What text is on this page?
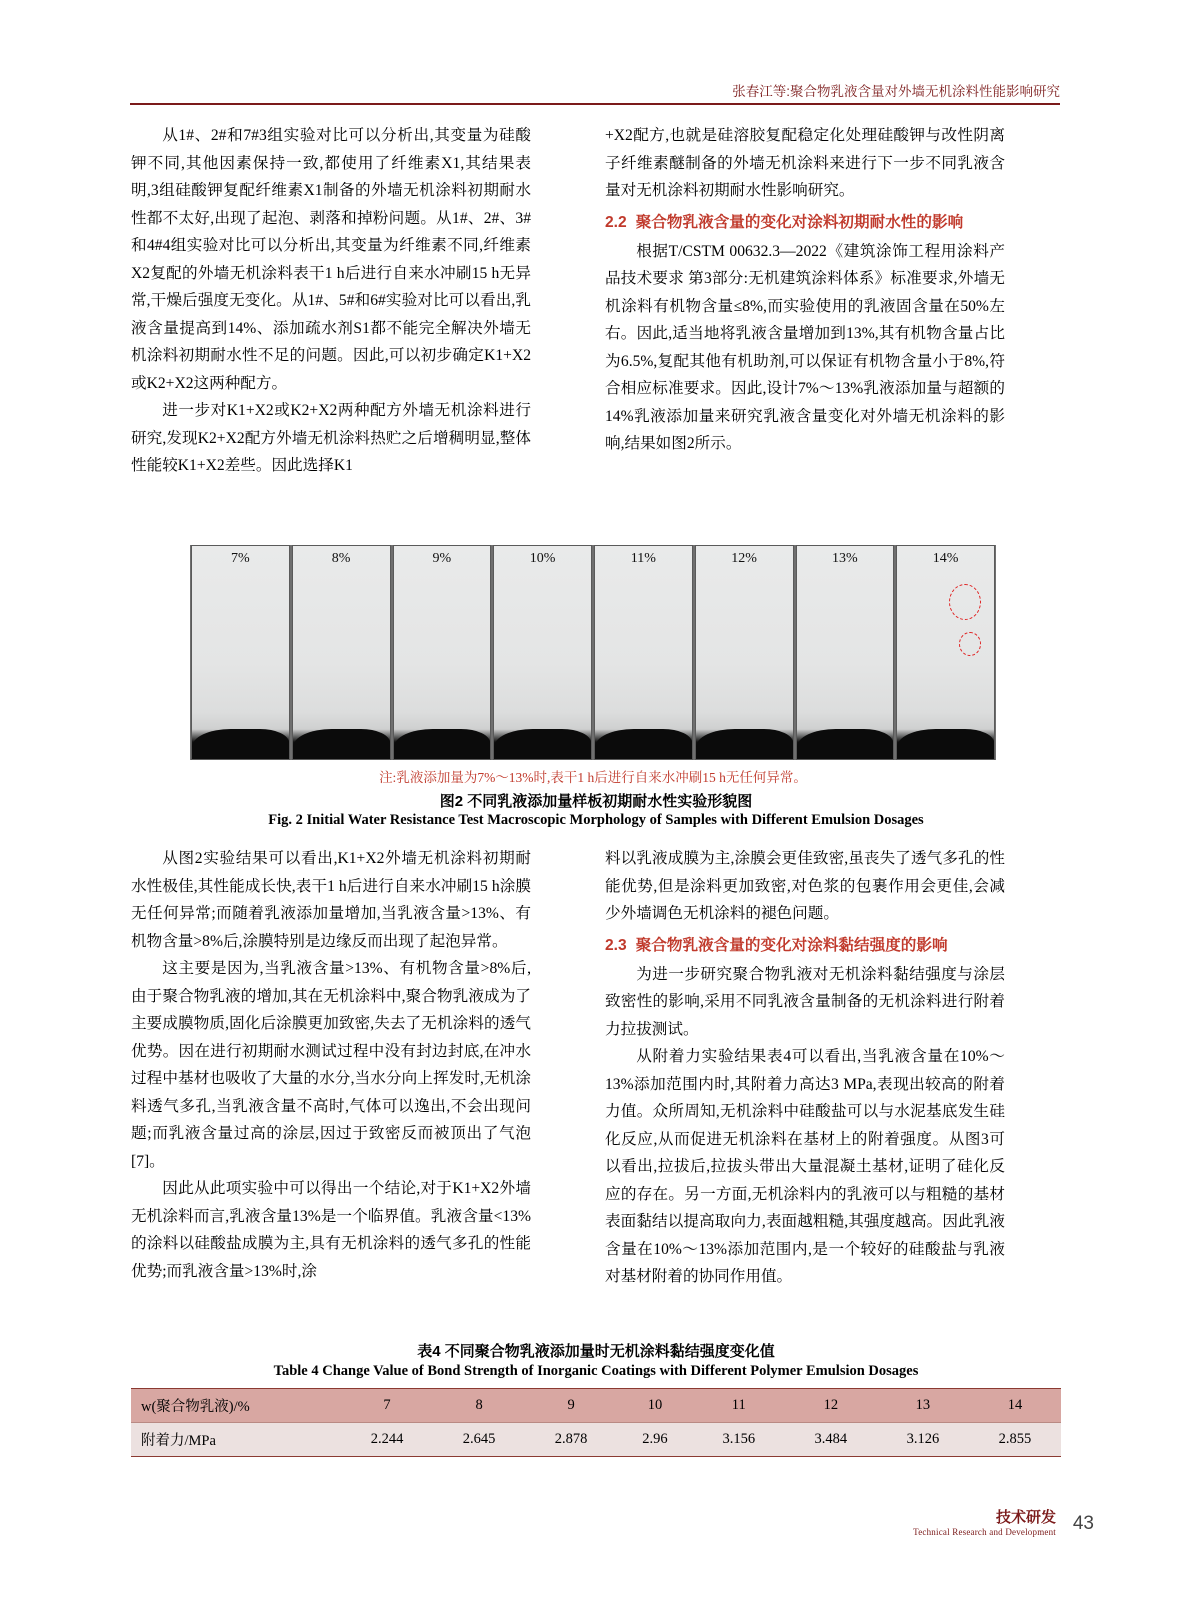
张春江等:聚合物乳液含量对外墙无机涂料性能影响研究

从1#、2#和7#3组实验对比可以分析出,其变量为硅酸钾不同,其他因素保持一致,都使用了纤维素X1,其结果表明,3组硅酸钾复配纤维素X1制备的外墙无机涂料初期耐水性都不太好,出现了起泡、剥落和掉粉问题。从1#、2#、3#和4#4组实验对比可以分析出,其变量为纤维素不同,纤维素X2复配的外墙无机涂料表干1 h后进行自来水冲刷15 h无异常,干燥后强度无变化。从1#、5#和6#实验对比可以看出,乳液含量提高到14%、添加疏水剂S1都不能完全解决外墙无机涂料初期耐水性不足的问题。因此,可以初步确定K1+X2或K2+X2这两种配方。

进一步对K1+X2或K2+X2两种配方外墙无机涂料进行研究,发现K2+X2配方外墙无机涂料热贮之后增稠明显,整体性能较K1+X2差些。因此选择K1

+X2配方,也就是硅溶胶复配稳定化处理硅酸钾与改性阴离子纤维素醚制备的外墙无机涂料来进行下一步不同乳液含量对无机涂料初期耐水性影响研究。

2.2 聚合物乳液含量的变化对涂料初期耐水性的影响

根据T/CSTM 00632.3—2022《建筑涂饰工程用涂料产品技术要求 第3部分:无机建筑涂料体系》标准要求,外墙无机涂料有机物含量≤8%,而实验使用的乳液固含量在50%左右。因此,适当地将乳液含量增加到13%,其有机物含量占比为6.5%,复配其他有机助剂,可以保证有机物含量小于8%,符合相应标准要求。因此,设计7%～13%乳液添加量与超额的14%乳液添加量来研究乳液含量变化对外墙无机涂料的影响,结果如图2所示。

7%	8%	9%	10%	11%	12%	13%	14%
注:乳液添加量为7%～13%时,表干1 h后进行自来水冲刷15 h无任何异常。
图2 不同乳液添加量样板初期耐水性实验形貌图
Fig. 2 Initial Water Resistance Test Macroscopic Morphology of Samples with Different Emulsion Dosages

从图2实验结果可以看出,K1+X2外墙无机涂料初期耐水性极佳,其性能成长快,表干1 h后进行自来水冲刷15 h涂膜无任何异常;而随着乳液添加量增加,当乳液含量>13%、有机物含量>8%后,涂膜特别是边缘反而出现了起泡异常。

这主要是因为,当乳液含量>13%、有机物含量>8%后,由于聚合物乳液的增加,其在无机涂料中,聚合物乳液成为了主要成膜物质,固化后涂膜更加致密,失去了无机涂料的透气优势。因在进行初期耐水测试过程中没有封边封底,在冲水过程中基材也吸收了大量的水分,当水分向上挥发时,无机涂料透气多孔,当乳液含量不高时,气体可以逸出,不会出现问题;而乳液含量过高的涂层,因过于致密反而被顶出了气泡[7]。

因此从此项实验中可以得出一个结论,对于K1+X2外墙无机涂料而言,乳液含量13%是一个临界值。乳液含量<13%的涂料以硅酸盐成膜为主,具有无机涂料的透气多孔的性能优势;而乳液含量>13%时,涂

料以乳液成膜为主,涂膜会更佳致密,虽丧失了透气多孔的性能优势,但是涂料更加致密,对色浆的包裹作用会更佳,会减少外墙调色无机涂料的褪色问题。

2.3 聚合物乳液含量的变化对涂料黏结强度的影响

为进一步研究聚合物乳液对无机涂料黏结强度与涂层致密性的影响,采用不同乳液含量制备的无机涂料进行附着力拉拔测试。

从附着力实验结果表4可以看出,当乳液含量在10%～13%添加范围内时,其附着力高达3 MPa,表现出较高的附着力值。众所周知,无机涂料中硅酸盐可以与水泥基底发生硅化反应,从而促进无机涂料在基材上的附着强度。从图3可以看出,拉拔后,拉拔头带出大量混凝土基材,证明了硅化反应的存在。另一方面,无机涂料内的乳液可以与粗糙的基材表面黏结以提高取向力,表面越粗糙,其强度越高。因此乳液含量在10%～13%添加范围内,是一个较好的硅酸盐与乳液对基材附着的协同作用值。

表4 不同聚合物乳液添加量时无机涂料黏结强度变化值
Table 4 Change Value of Bond Strength of Inorganic Coatings with Different Polymer Emulsion Dosages
w(聚合物乳液)/%	7	8	9	10	11	12	13	14
附着力/MPa	2.244	2.645	2.878	2.96	3.156	3.484	3.126	2.855
技术研发
Technical Research and Development 43
